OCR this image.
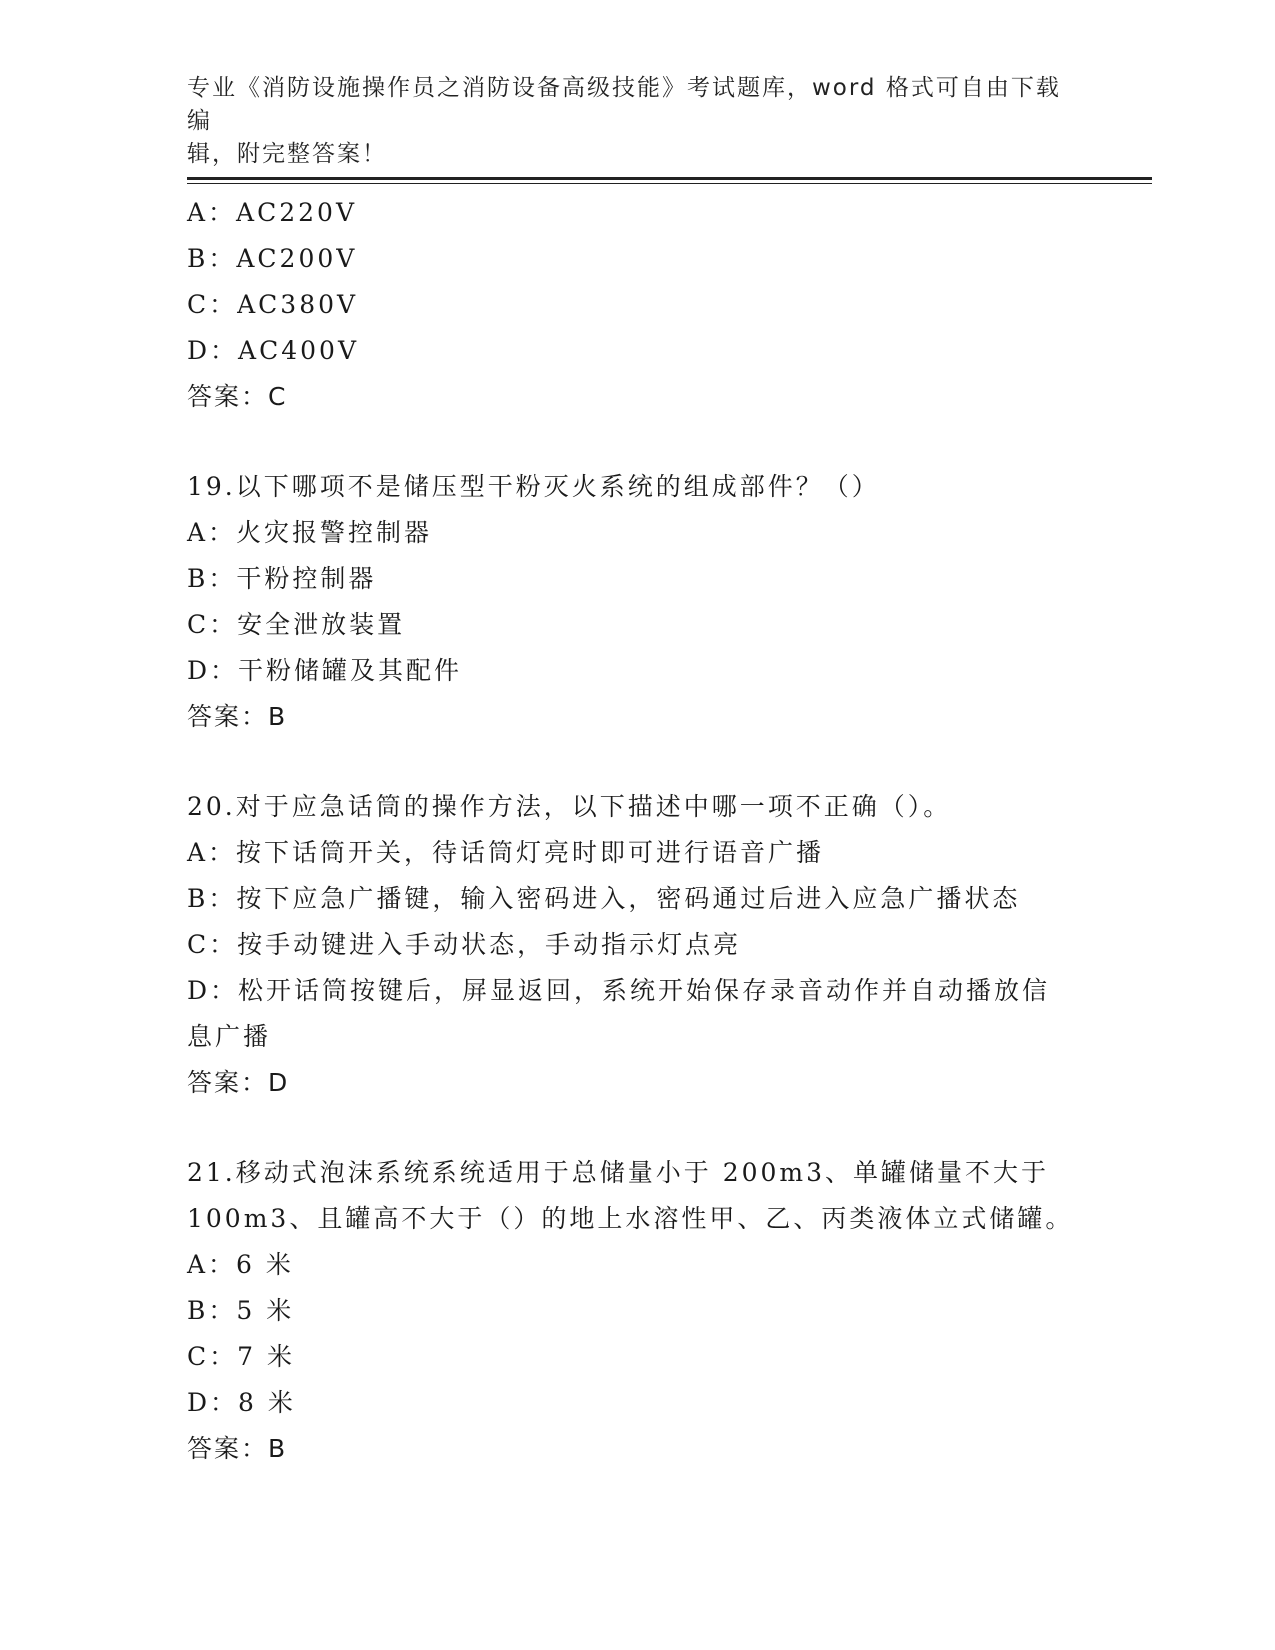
专业《消防设施操作员之消防设备高级技能》考试题库，word 格式可自由下载编
辑，附完整答案！
A：AC220V
B：AC200V
C：AC380V
D：AC400V
答案：C
19.以下哪项不是储压型干粉灭火系统的组成部件？（）
A：火灾报警控制器
B：干粉控制器
C：安全泄放装置
D：干粉储罐及其配件
答案：B
20.对于应急话筒的操作方法，以下描述中哪一项不正确（）。
A：按下话筒开关，待话筒灯亮时即可进行语音广播
B：按下应急广播键，输入密码进入，密码通过后进入应急广播状态
C：按手动键进入手动状态，手动指示灯点亮
D：松开话筒按键后，屏显返回，系统开始保存录音动作并自动播放信
息广播
答案：D
21.移动式泡沫系统系统适用于总储量小于 200m3、单罐储量不大于
100m3、且罐高不大于（）的地上水溶性甲、乙、丙类液体立式储罐。
A：6 米
B：5 米
C：7 米
D：8 米
答案：B
